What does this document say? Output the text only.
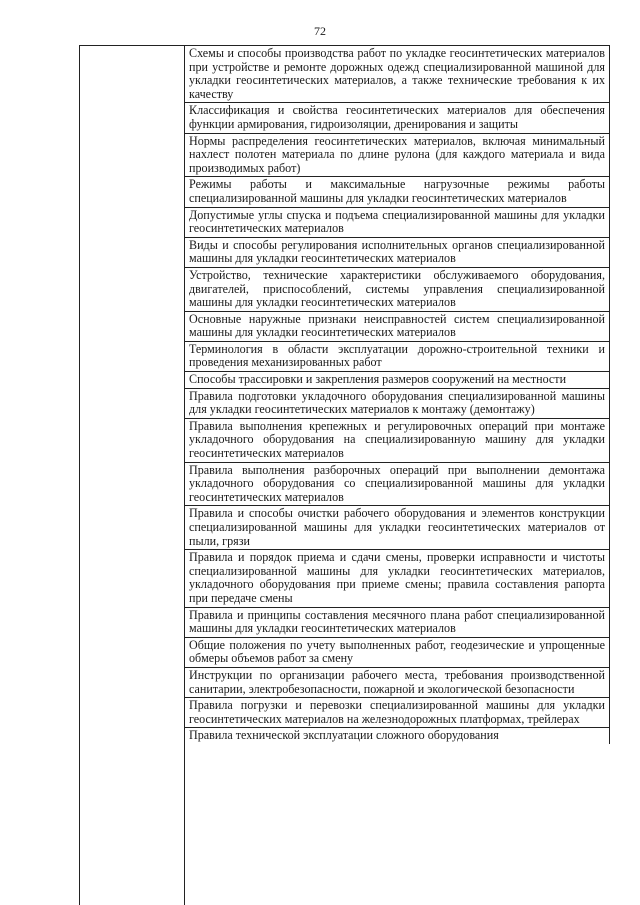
72
Схемы и способы производства работ по укладке геосинтетических материалов при устройстве и ремонте дорожных одежд специализированной машиной для укладки геосинтетических материалов, а также технические требования к их качеству
Классификация и свойства геосинтетических материалов для обеспечения функции армирования, гидроизоляции, дренирования и защиты
Нормы распределения геосинтетических материалов, включая минимальный нахлест полотен материала по длине рулона (для каждого материала и вида производимых работ)
Режимы работы и максимальные нагрузочные режимы работы специализированной машины для укладки геосинтетических материалов
Допустимые углы спуска и подъема специализированной машины для укладки геосинтетических материалов
Виды и способы регулирования исполнительных органов специализированной машины для укладки геосинтетических материалов
Устройство, технические характеристики обслуживаемого оборудования, двигателей, приспособлений, системы управления специализированной машины для укладки геосинтетических материалов
Основные наружные признаки неисправностей систем специализированной машины для укладки геосинтетических материалов
Терминология в области эксплуатации дорожно-строительной техники и проведения механизированных работ
Способы трассировки и закрепления размеров сооружений на местности
Правила подготовки укладочного оборудования специализированной машины для укладки геосинтетических материалов к монтажу (демонтажу)
Правила выполнения крепежных и регулировочных операций при монтаже укладочного оборудования на специализированную машину для укладки геосинтетических материалов
Правила выполнения разборочных операций при выполнении демонтажа укладочного оборудования со специализированной машины для укладки геосинтетических материалов
Правила и способы очистки рабочего оборудования и элементов конструкции специализированной машины для укладки геосинтетических материалов от пыли, грязи
Правила и порядок приема и сдачи смены, проверки исправности и чистоты специализированной машины для укладки геосинтетических материалов, укладочного оборудования при приеме смены; правила составления рапорта при передаче смены
Правила и принципы составления месячного плана работ специализированной машины для укладки геосинтетических материалов
Общие положения по учету выполненных работ, геодезические и упрощенные обмеры объемов работ за смену
Инструкции по организации рабочего места, требования производственной санитарии, электробезопасности, пожарной и экологической безопасности
Правила погрузки и перевозки специализированной машины для укладки геосинтетических материалов на железнодорожных платформах, трейлерах
Правила технической эксплуатации сложного оборудования
